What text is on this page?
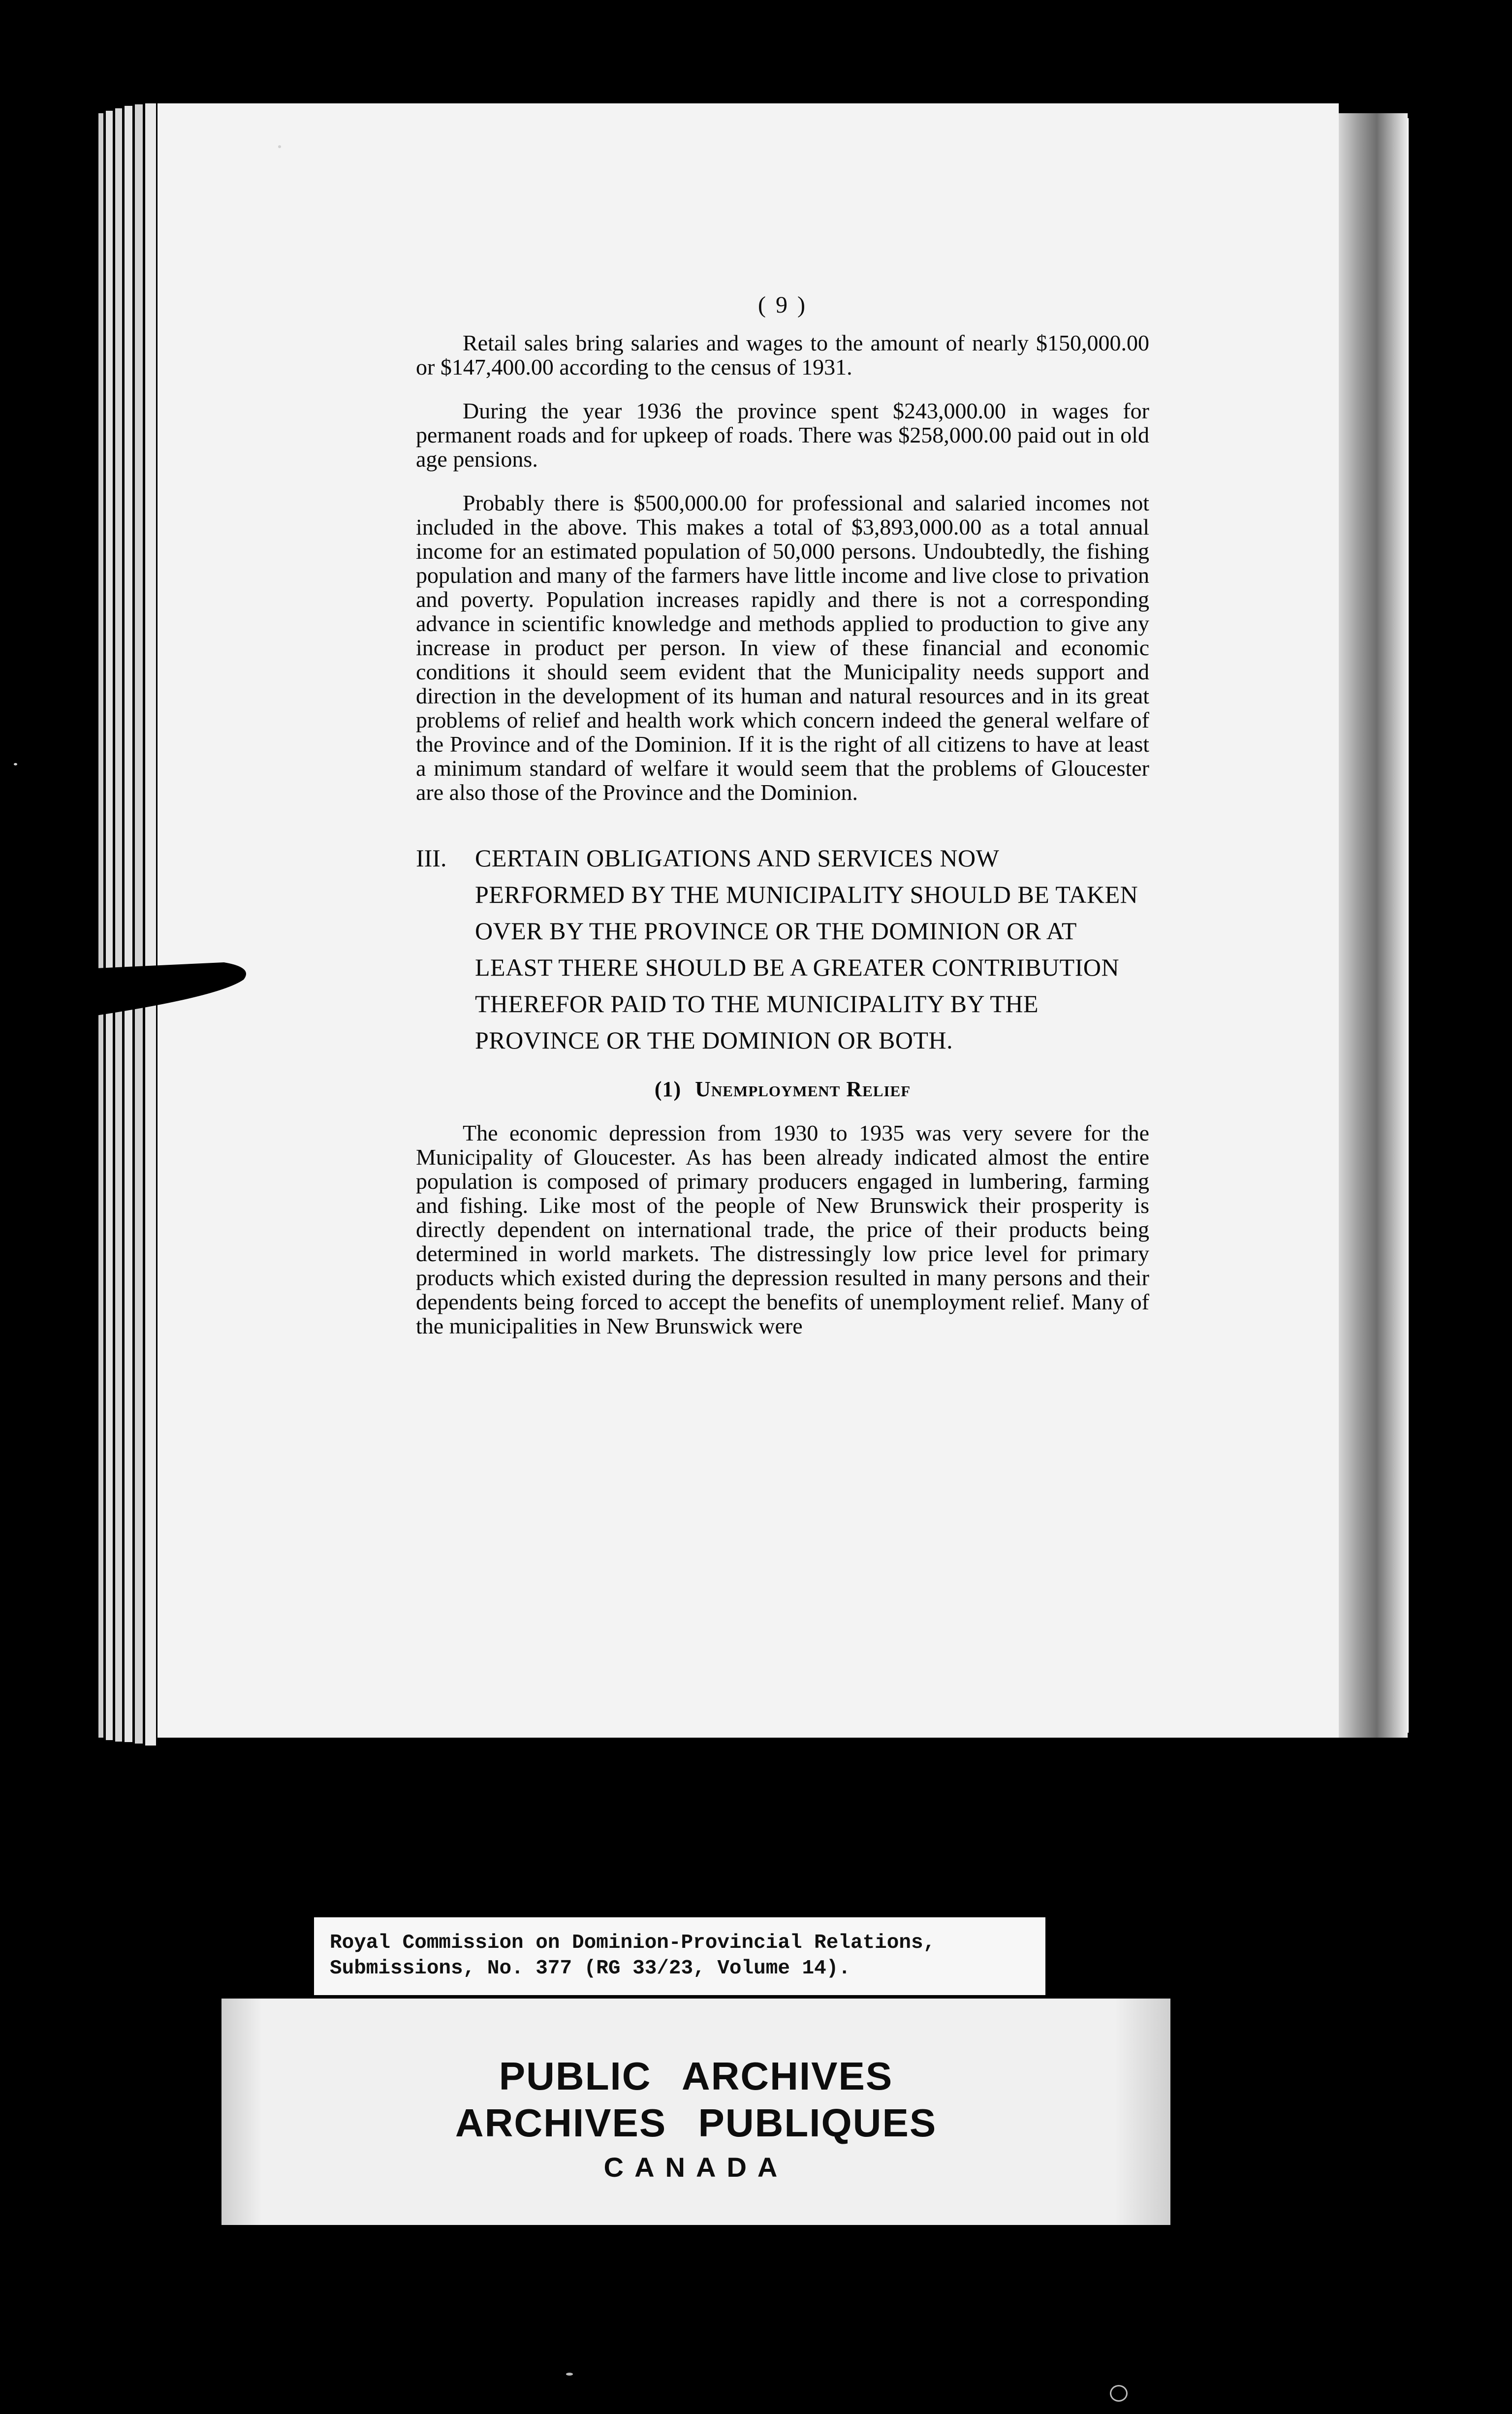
( 9 )

Retail sales bring salaries and wages to the amount of nearly $150,000.00 or $147,400.00 according to the census of 1931.

During the year 1936 the province spent $243,000.00 in wages for permanent roads and for upkeep of roads. There was $258,000.00 paid out in old age pensions.

Probably there is $500,000.00 for professional and salaried incomes not included in the above. This makes a total of $3,893,000.00 as a total annual income for an estimated population of 50,000 persons. Undoubtedly, the fishing population and many of the farmers have little income and live close to privation and poverty. Population increases rapidly and there is not a corresponding advance in scientific knowledge and methods applied to production to give any increase in product per person. In view of these financial and economic conditions it should seem evident that the Municipality needs support and direction in the development of its human and natural resources and in its great problems of relief and health work which concern indeed the general welfare of the Province and of the Dominion. If it is the right of all citizens to have at least a minimum standard of welfare it would seem that the problems of Gloucester are also those of the Province and the Dominion.

III.	CERTAIN OBLIGATIONS AND SERVICES NOW PERFORMED BY THE MUNICIPALITY SHOULD BE TAKEN OVER BY THE PROVINCE OR THE DOMINION OR AT LEAST THERE SHOULD BE A GREATER CONTRIBUTION THEREFOR PAID TO THE MUNICIPALITY BY THE PROVINCE OR THE DOMINION OR BOTH.
(1) Unemployment Relief

The economic depression from 1930 to 1935 was very severe for the Municipality of Gloucester. As has been already indicated almost the entire population is composed of primary producers engaged in lumbering, farming and fishing. Like most of the people of New Brunswick their prosperity is directly dependent on international trade, the price of their products being determined in world markets. The distressingly low price level for primary products which existed during the depression resulted in many persons and their dependents being forced to accept the benefits of unemployment relief. Many of the municipalities in New Brunswick were

Royal Commission on Dominion-Provincial Relations,
Submissions, No. 377 (RG 33/23, Volume 14).
PUBLIC ARCHIVES
ARCHIVES PUBLIQUES
CANADA
